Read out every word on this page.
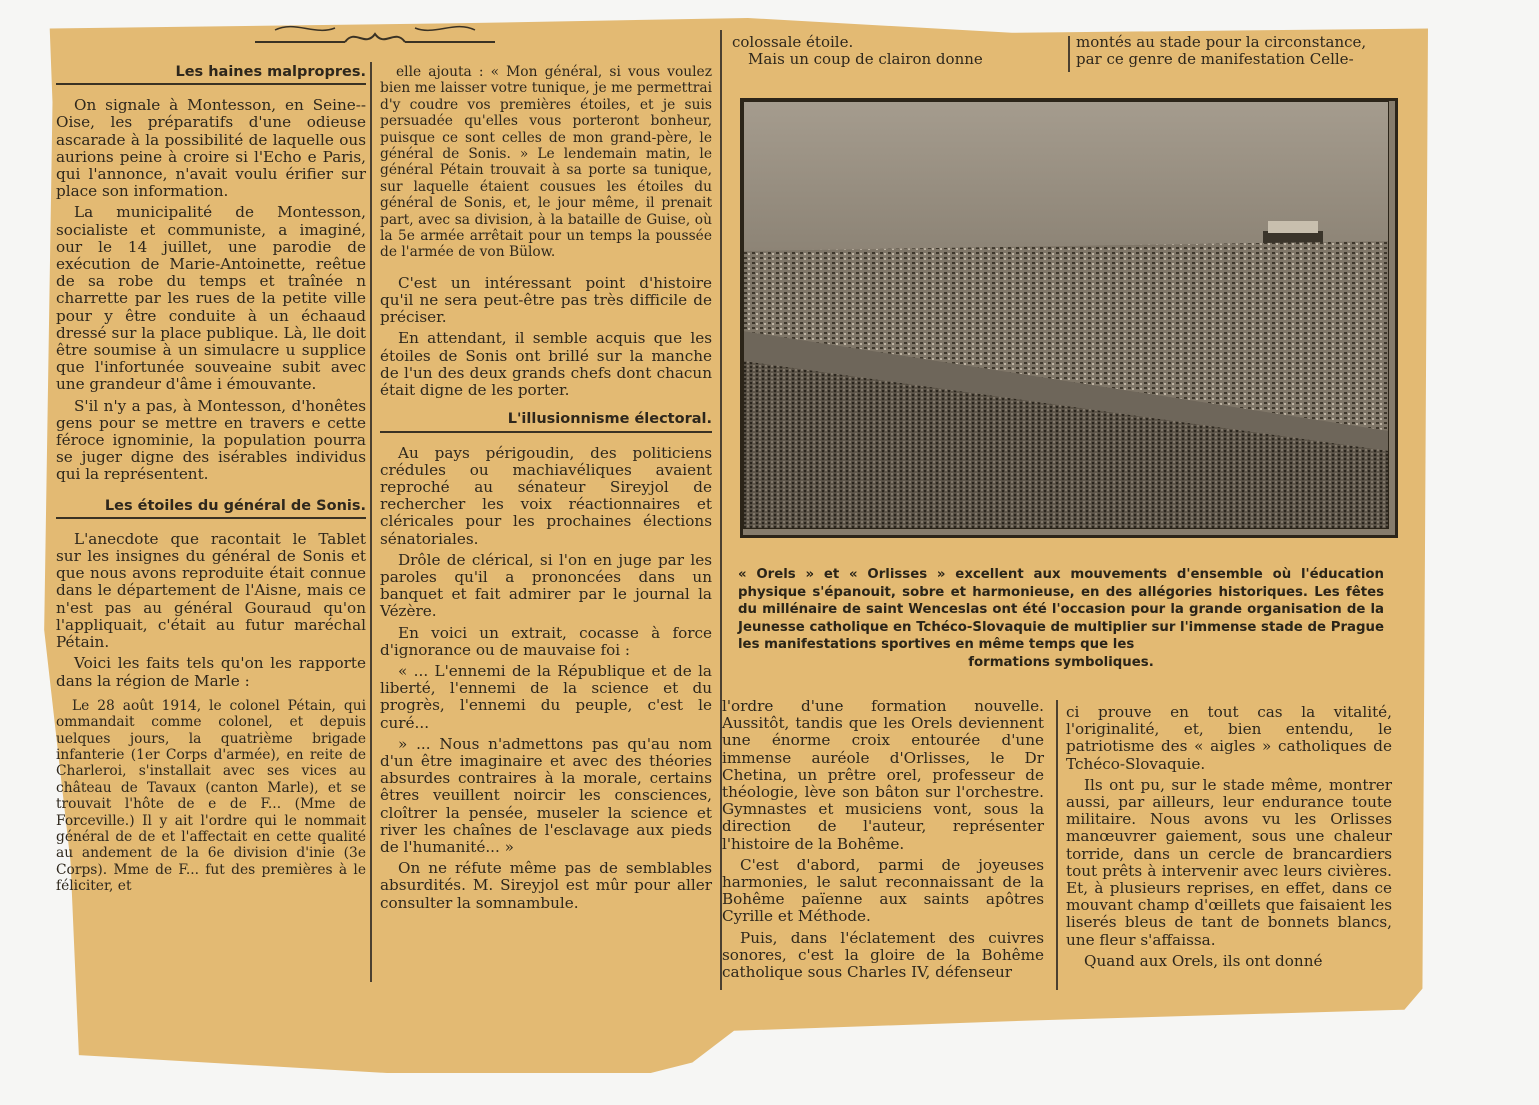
Les haines malpropres.

On signale à Montesson, en Seine--Oise, les préparatifs d'une odieuse ascarade à la possibilité de laquelle ous aurions peine à croire si l'Echo e Paris, qui l'annonce, n'avait voulu érifier sur place son information.

La municipalité de Montesson, socialiste et communiste, a imaginé, our le 14 juillet, une parodie de exécution de Marie-Antoinette, reêtue de sa robe du temps et traînée n charrette par les rues de la petite ville pour y être conduite à un échaaud dressé sur la place publique. Là, lle doit être soumise à un simulacre u supplice que l'infortunée souveaine subit avec une grandeur d'âme i émouvante.

S'il n'y a pas, à Montesson, d'honêtes gens pour se mettre en travers e cette féroce ignominie, la population pourra se juger digne des isérables individus qui la représentent.

Les étoiles du général de Sonis.

L'anecdote que racontait le Tablet sur les insignes du général de Sonis et que nous avons reproduite était connue dans le département de l'Aisne, mais ce n'est pas au général Gouraud qu'on l'appliquait, c'était au futur maréchal Pétain.

Voici les faits tels qu'on les rapporte dans la région de Marle :

Le 28 août 1914, le colonel Pétain, qui ommandait comme colonel, et depuis uelques jours, la quatrième brigade infanterie (1er Corps d'armée), en reite de Charleroi, s'installait avec ses vices au château de Tavaux (canton Marle), et se trouvait l'hôte de e de F... (Mme de Forceville.) Il y ait l'ordre qui le nommait général de de et l'affectait en cette qualité au andement de la 6e division d'inie (3e Corps). Mme de F... fut des premières à le féliciter, et

elle ajouta : « Mon général, si vous voulez bien me laisser votre tunique, je me permettrai d'y coudre vos premières étoiles, et je suis persuadée qu'elles vous porteront bonheur, puisque ce sont celles de mon grand-père, le général de Sonis. » Le lendemain matin, le général Pétain trouvait à sa porte sa tunique, sur laquelle étaient cousues les étoiles du général de Sonis, et, le jour même, il prenait part, avec sa division, à la bataille de Guise, où la 5e armée arrêtait pour un temps la poussée de l'armée de von Bülow.

C'est un intéressant point d'histoire qu'il ne sera peut-être pas très difficile de préciser.

En attendant, il semble acquis que les étoiles de Sonis ont brillé sur la manche de l'un des deux grands chefs dont chacun était digne de les porter.

L'illusionnisme électoral.

Au pays périgoudin, des politiciens crédules ou machiavéliques avaient reproché au sénateur Sireyjol de rechercher les voix réactionnaires et cléricales pour les prochaines élections sénatoriales.

Drôle de clérical, si l'on en juge par les paroles qu'il a prononcées dans un banquet et fait admirer par le journal la Vézère.

En voici un extrait, cocasse à force d'ignorance ou de mauvaise foi :

« ... L'ennemi de la République et de la liberté, l'ennemi de la science et du progrès, l'ennemi du peuple, c'est le curé...

» ... Nous n'admettons pas qu'au nom d'un être imaginaire et avec des théories absurdes contraires à la morale, certains êtres veuillent noircir les consciences, cloîtrer la pensée, museler la science et river les chaînes de l'esclavage aux pieds de l'humanité... »

On ne réfute même pas de semblables absurdités. M. Sireyjol est mûr pour aller consulter la somnambule.

colossale étoile.
Mais un coup de clairon donne
montés au stade pour la circonstance,
par ce genre de manifestation Celle-
« Orels » et « Orlisses » excellent aux mouvements d'ensemble où l'éducation physique s'épanouit, sobre et harmonieuse, en des allégories historiques. Les fêtes du millénaire de saint Wenceslas ont été l'occasion pour la grande organisation de la Jeunesse catholique en Tchéco-Slovaquie de multiplier sur l'immense stade de Prague les manifestations sportives en même temps que les
formations symboliques.

l'ordre d'une formation nouvelle. Aussitôt, tandis que les Orels deviennent une énorme croix entourée d'une immense auréole d'Orlisses, le Dr Chetina, un prêtre orel, professeur de théologie, lève son bâton sur l'orchestre. Gymnastes et musiciens vont, sous la direction de l'auteur, représenter l'histoire de la Bohême.

C'est d'abord, parmi de joyeuses harmonies, le salut reconnaissant de la Bohême païenne aux saints apôtres Cyrille et Méthode.

Puis, dans l'éclatement des cuivres sonores, c'est la gloire de la Bohême catholique sous Charles IV, défenseur

ci prouve en tout cas la vitalité, l'originalité, et, bien entendu, le patriotisme des « aigles » catholiques de Tchéco-Slovaquie.

Ils ont pu, sur le stade même, montrer aussi, par ailleurs, leur endurance toute militaire. Nous avons vu les Orlisses manœuvrer gaiement, sous une chaleur torride, dans un cercle de brancardiers tout prêts à intervenir avec leurs civières. Et, à plusieurs reprises, en effet, dans ce mouvant champ d'œillets que faisaient les liserés bleus de tant de bonnets blancs, une fleur s'affaissa.

Quand aux Orels, ils ont donné
